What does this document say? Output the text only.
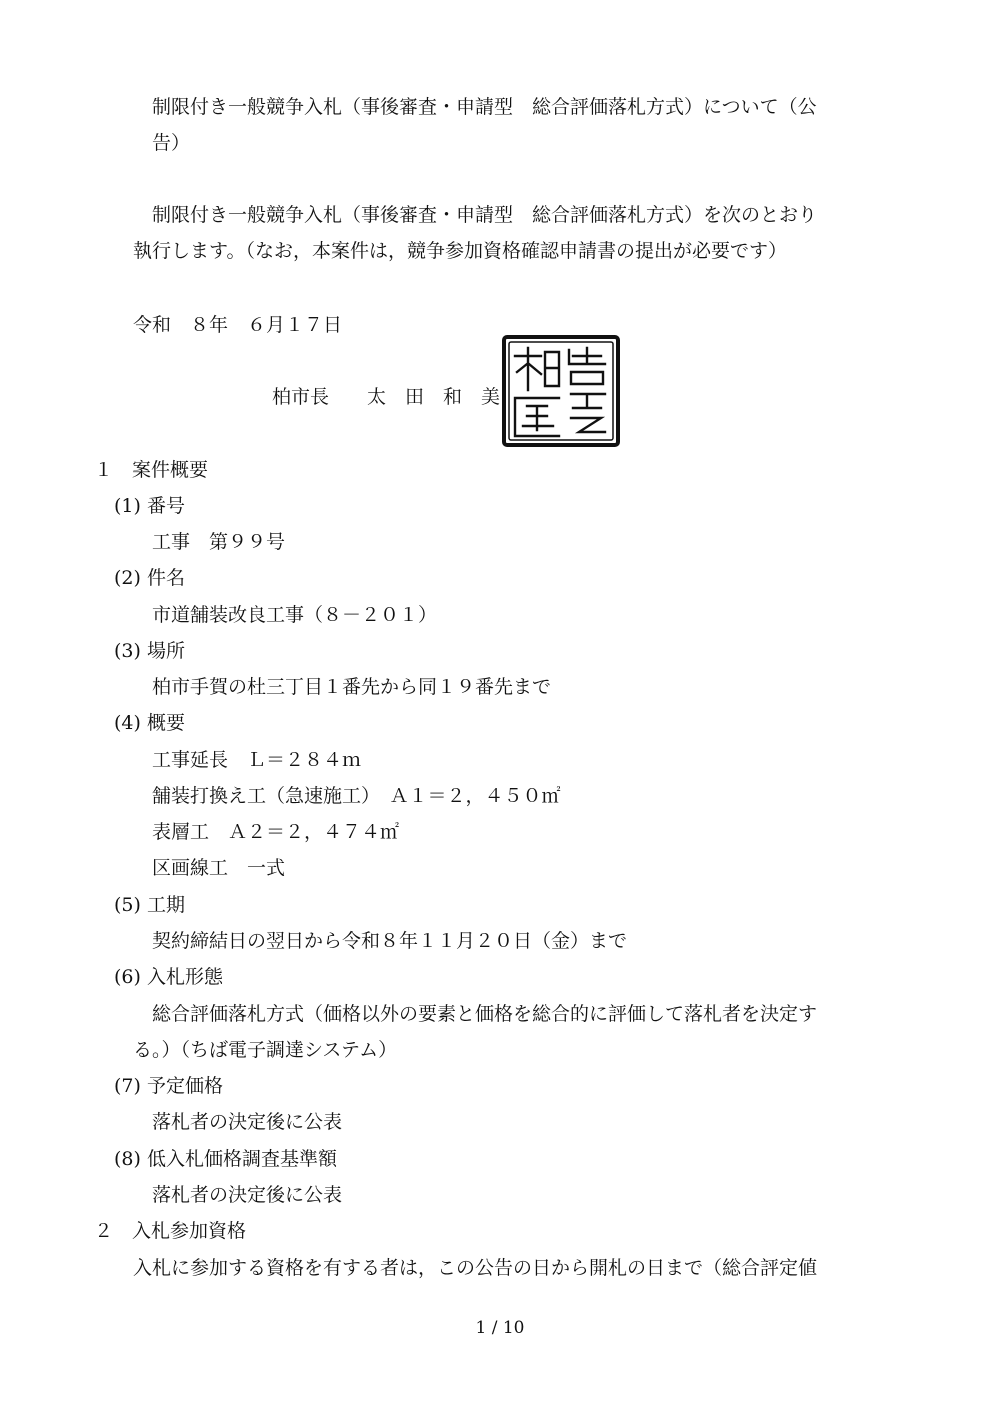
制限付き一般競争入札（事後審査・申請型　総合評価落札方式）について（公
告）
制限付き一般競争入札（事後審査・申請型　総合評価落札方式）を次のとおり
執行します。（なお，本案件は，競争参加資格確認申請書の提出が必要です）
令和　８年　６月１７日
柏市長　　太　田　和　美
１　案件概要
(1) 番号
工事　第９９号
(2) 件名
市道舗装改良工事（８－２０１）
(3) 場所
柏市手賀の杜三丁目１番先から同１９番先まで
(4) 概要
工事延長　Ｌ＝２８４ｍ
舗装打換え工（急速施工）　Ａ１＝２，４５０㎡
表層工　Ａ２＝２，４７４㎡
区画線工　一式
(5) 工期
契約締結日の翌日から令和８年１１月２０日（金）まで
(6) 入札形態
総合評価落札方式（価格以外の要素と価格を総合的に評価して落札者を決定す
る。）（ちば電子調達システム）
(7) 予定価格
落札者の決定後に公表
(8) 低入札価格調査基準額
落札者の決定後に公表
２　入札参加資格
入札に参加する資格を有する者は，この公告の日から開札の日まで（総合評定値
1 / 10
